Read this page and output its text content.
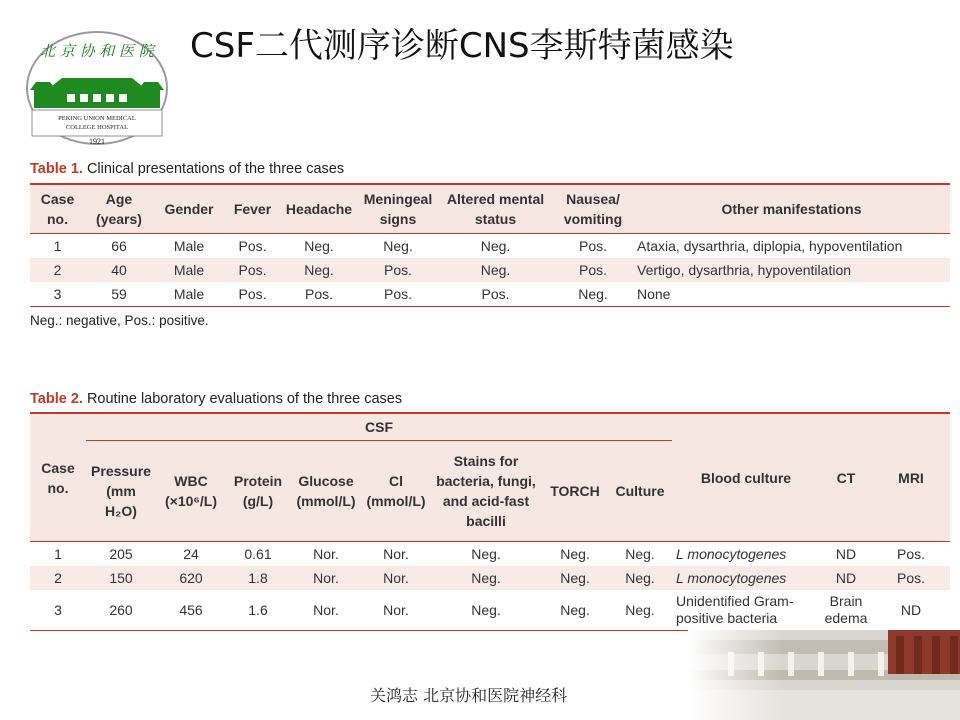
CSF二代测序诊断CNS李斯特菌感染
北 京 协 和 医 院
PEKING UNION MEDICAL
COLLEGE HOSPITAL
1921
Table 1. Clinical presentations of the three cases
Case no.	Age (years)	Gender	Fever	Headache	Meningeal signs	Altered mental status	Nausea/ vomiting	Other manifestations
1	66	Male	Pos.	Neg.	Neg.	Neg.	Pos.	Ataxia, dysarthria, diplopia, hypoventilation
2	40	Male	Pos.	Neg.	Pos.	Neg.	Pos.	Vertigo, dysarthria, hypoventilation
3	59	Male	Pos.	Pos.	Pos.	Pos.	Neg.	None
Neg.: negative, Pos.: positive.
Table 2. Routine laboratory evaluations of the three cases
Case no.	CSF								Blood culture	CT	MRI
	Pressure (mm H₂O)	WBC (×10⁶/L)	Protein (g/L)	Glucose (mmol/L)	Cl (mmol/L)	Stains for bacteria, fungi, and acid-fast bacilli	TORCH	Culture			
1	205	24	0.61	Nor.	Nor.	Neg.	Neg.	Neg.	L monocytogenes	ND	Pos.
2	150	620	1.8	Nor.	Nor.	Neg.	Neg.	Neg.	L monocytogenes	ND	Pos.
3	260	456	1.6	Nor.	Nor.	Neg.	Neg.	Neg.	Unidentified Gram-positive bacteria	Brain edema	ND
关鸿志 北京协和医院神经科
